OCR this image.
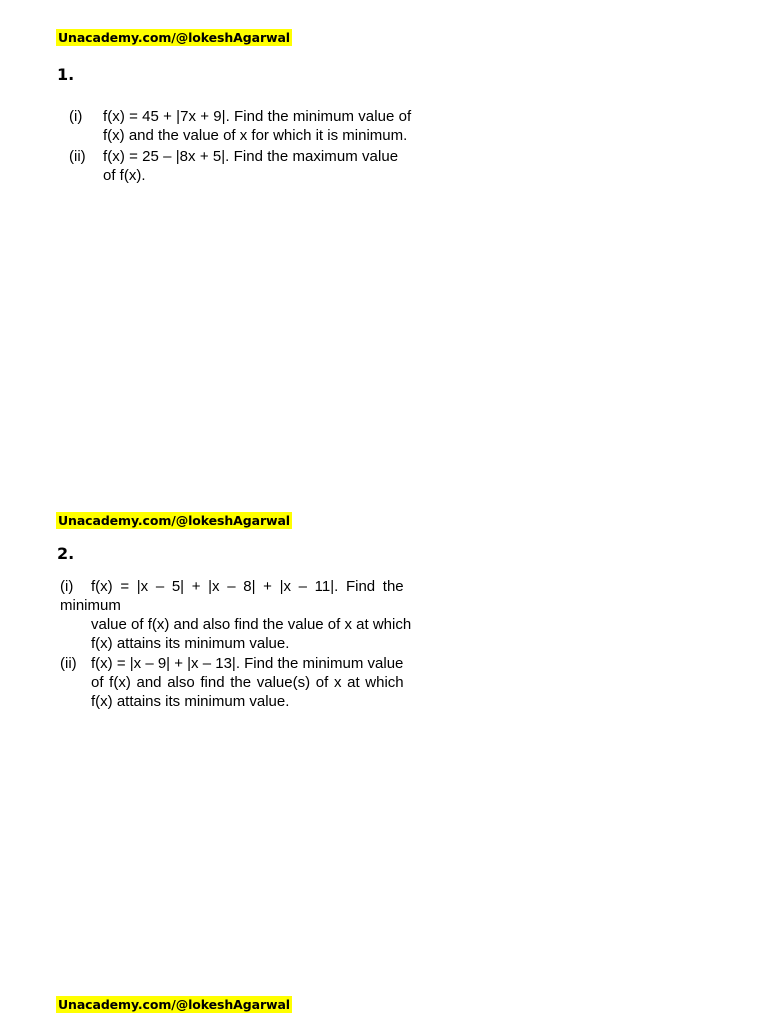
Unacademy.com/@lokeshAgarwal
1.
(i) f(x) = 45 + |7x + 9|. Find the minimum value of
f(x) and the value of x for which it is minimum.
(ii) f(x) = 25 – |8x + 5|. Find the maximum value
of f(x).
Unacademy.com/@lokeshAgarwal
2.
(i) f(x) = |x – 5| + |x – 8| + |x – 11|. Find the
minimum
value of f(x) and also find the value of x at which
f(x) attains its minimum value.
(ii) f(x) = |x – 9| + |x – 13|. Find the minimum value
of f(x) and also find the value(s) of x at which
f(x) attains its minimum value.
Unacademy.com/@lokeshAgarwal
